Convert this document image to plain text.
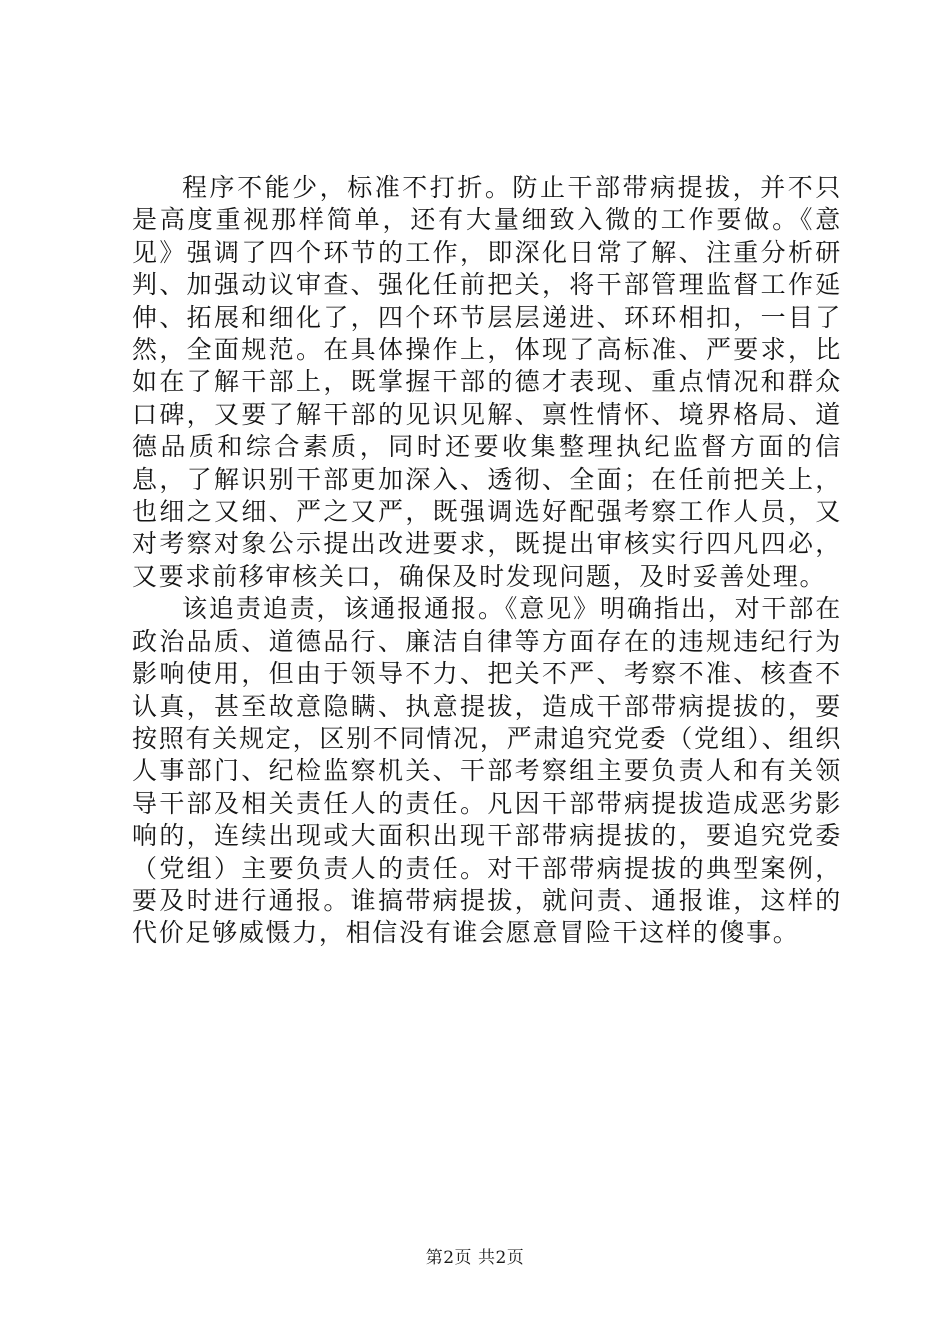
程序不能少，标准不打折。防止干部带病提拔，并不只是高度重视那样简单，还有大量细致入微的工作要做。《意见》强调了四个环节的工作，即深化日常了解、注重分析研判、加强动议审查、强化任前把关，将干部管理监督工作延伸、拓展和细化了，四个环节层层递进、环环相扣，一目了然，全面规范。在具体操作上，体现了高标准、严要求，比如在了解干部上，既掌握干部的德才表现、重点情况和群众口碑，又要了解干部的见识见解、禀性情怀、境界格局、道德品质和综合素质，同时还要收集整理执纪监督方面的信息，了解识别干部更加深入、透彻、全面；在任前把关上，也细之又细、严之又严，既强调选好配强考察工作人员，又对考察对象公示提出改进要求，既提出审核实行四凡四必，又要求前移审核关口，确保及时发现问题，及时妥善处理。

该追责追责，该通报通报。《意见》明确指出，对干部在政治品质、道德品行、廉洁自律等方面存在的违规违纪行为影响使用，但由于领导不力、把关不严、考察不准、核查不认真，甚至故意隐瞒、执意提拔，造成干部带病提拔的，要按照有关规定，区别不同情况，严肃追究党委（党组）、组织人事部门、纪检监察机关、干部考察组主要负责人和有关领导干部及相关责任人的责任。凡因干部带病提拔造成恶劣影响的，连续出现或大面积出现干部带病提拔的，要追究党委（党组）主要负责人的责任。对干部带病提拔的典型案例，要及时进行通报。谁搞带病提拔，就问责、通报谁，这样的代价足够威慑力，相信没有谁会愿意冒险干这样的傻事。

第2页 共2页
